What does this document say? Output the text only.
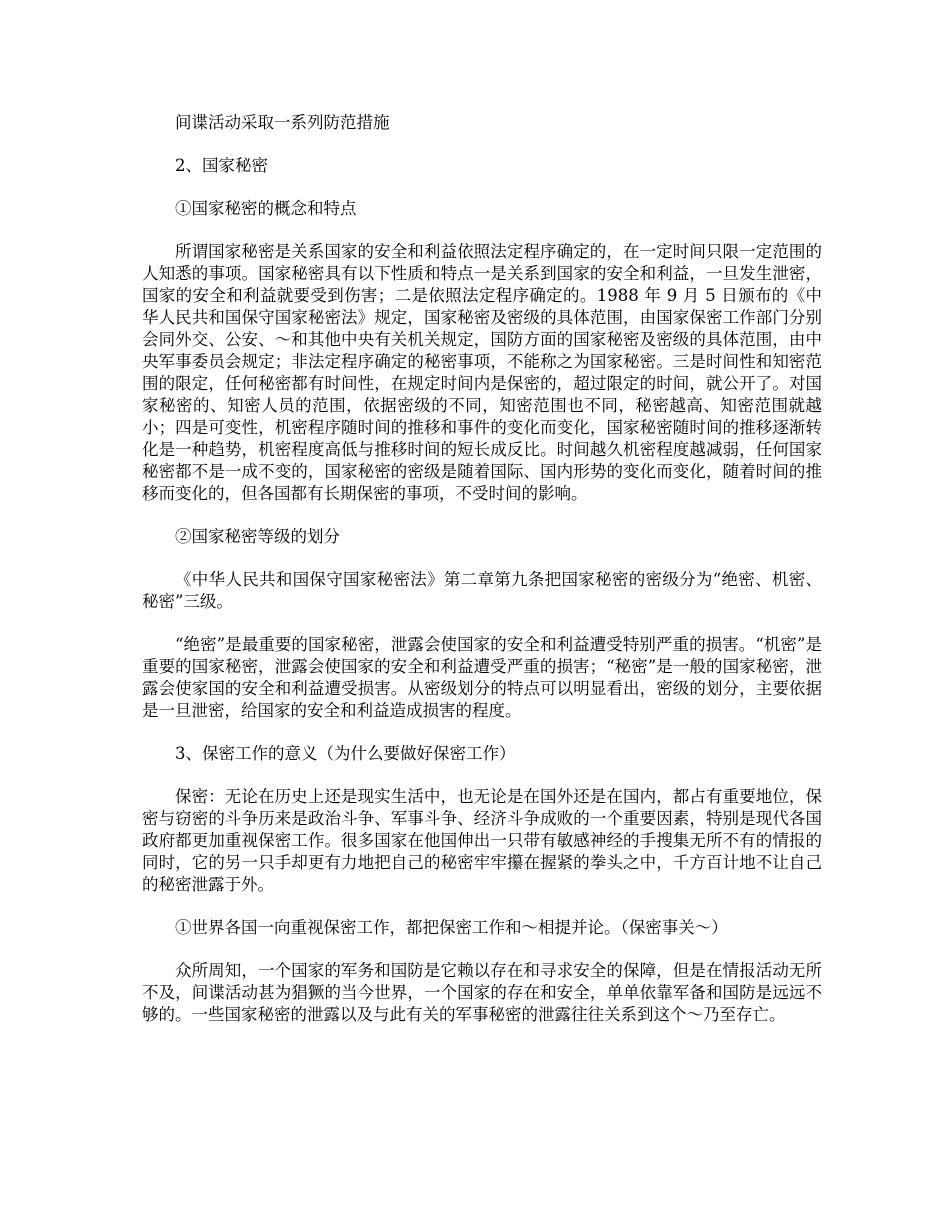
间谍活动采取一系列防范措施

2、国家秘密

①国家秘密的概念和特点

所谓国家秘密是关系国家的安全和利益依照法定程序确定的，在一定时间只限一定范围的人知悉的事项。国家秘密具有以下性质和特点一是关系到国家的安全和利益，一旦发生泄密，国家的安全和利益就要受到伤害；二是依照法定程序确定的。1988 年 9 月 5 日颁布的《中华人民共和国保守国家秘密法》规定，国家秘密及密级的具体范围，由国家保密工作部门分别会同外交、公安、～和其他中央有关机关规定，国防方面的国家秘密及密级的具体范围，由中央军事委员会规定；非法定程序确定的秘密事项，不能称之为国家秘密。三是时间性和知密范围的限定，任何秘密都有时间性，在规定时间内是保密的，超过限定的时间，就公开了。对国家秘密的、知密人员的范围，依据密级的不同，知密范围也不同，秘密越高、知密范围就越小；四是可变性，机密程序随时间的推移和事件的变化而变化，国家秘密随时间的推移逐渐转化是一种趋势，机密程度高低与推移时间的短长成反比。时间越久机密程度越减弱，任何国家秘密都不是一成不变的，国家秘密的密级是随着国际、国内形势的变化而变化，随着时间的推移而变化的，但各国都有长期保密的事项，不受时间的影响。

②国家秘密等级的划分

《中华人民共和国保守国家秘密法》第二章第九条把国家秘密的密级分为“绝密、机密、秘密”三级。

“绝密”是最重要的国家秘密，泄露会使国家的安全和利益遭受特别严重的损害。“机密”是重要的国家秘密，泄露会使国家的安全和利益遭受严重的损害；“秘密”是一般的国家秘密，泄露会使家国的安全和利益遭受损害。从密级划分的特点可以明显看出，密级的划分，主要依据是一旦泄密，给国家的安全和利益造成损害的程度。

3、保密工作的意义（为什么要做好保密工作）

保密：无论在历史上还是现实生活中，也无论是在国外还是在国内，都占有重要地位，保密与窃密的斗争历来是政治斗争、军事斗争、经济斗争成败的一个重要因素，特别是现代各国政府都更加重视保密工作。很多国家在他国伸出一只带有敏感神经的手搜集无所不有的情报的同时，它的另一只手却更有力地把自己的秘密牢牢攥在握紧的拳头之中，千方百计地不让自己的秘密泄露于外。

①世界各国一向重视保密工作，都把保密工作和～相提并论。（保密事关～）

众所周知，一个国家的军务和国防是它赖以存在和寻求安全的保障，但是在情报活动无所不及，间谍活动甚为猖獗的当今世界，一个国家的存在和安全，单单依靠军备和国防是远远不够的。一些国家秘密的泄露以及与此有关的军事秘密的泄露往往关系到这个～乃至存亡。
